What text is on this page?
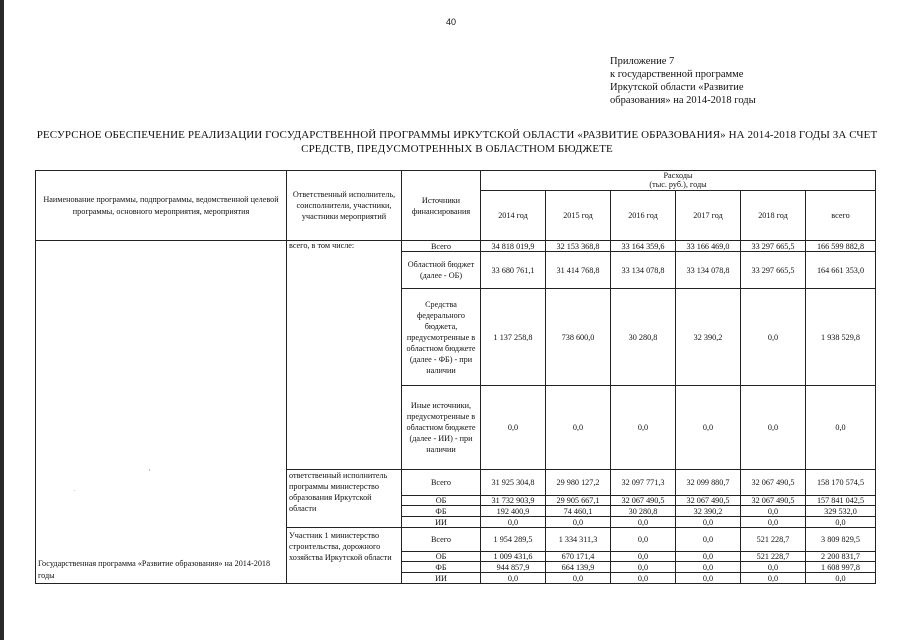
40
Приложение 7
к государственной программе
Иркутской области «Развитие
образования» на 2014-2018 годы
РЕСУРСНОЕ ОБЕСПЕЧЕНИЕ РЕАЛИЗАЦИИ ГОСУДАРСТВЕННОЙ ПРОГРАММЫ ИРКУТСКОЙ ОБЛАСТИ «РАЗВИТИЕ ОБРАЗОВАНИЯ» НА 2014-2018 ГОДЫ ЗА СЧЕТ
СРЕДСТВ, ПРЕДУСМОТРЕННЫХ В ОБЛАСТНОМ БЮДЖЕТЕ
·
.
Наименование программы, подпрограммы, ведомственной целевой программы, основного мероприятия, мероприятия	Ответственный исполнитель, соисполнители, участники, участники мероприятий	Источники финансирования	Расходы					
			(тыс. руб.), годы					
			2014 год	2015 год	2016 год	2017 год	2018 год	всего
Государственная программа «Развитие образования» на 2014-2018 годы	всего, в том числе:	Всего	34 818 019,9	32 153 368,8	33 164 359,6	33 166 469,0	33 297 665,5	166 599 882,8
		Областной бюджет (далее - ОБ)	33 680 761,1	31 414 768,8	33 134 078,8	33 134 078,8	33 297 665,5	164 661 353,0
		Средства федерального бюджета, предусмотренные в областном бюджете (далее - ФБ) - при наличии	1 137 258,8	738 600,0	30 280,8	32 390,2	0,0	1 938 529,8
		Иные источники, предусмотренные в областном бюджете (далее - ИИ) - при наличии	0,0	0,0	0,0	0,0	0,0	0,0
	ответственный исполнитель программы министерство образования Иркутской области	Всего	31 925 304,8	29 980 127,2	32 097 771,3	32 099 880,7	32 067 490,5	158 170 574,5
		ОБ	31 732 903,9	29 905 667,1	32 067 490,5	32 067 490,5	32 067 490,5	157 841 042,5
		ФБ	192 400,9	74 460,1	30 280,8	32 390,2	0,0	329 532,0
		ИИ	0,0	0,0	0,0	0,0	0,0	0,0
	Участник 1 министерство строительства, дорожного хозяйства Иркутской области	Всего	1 954 289,5	1 334 311,3	0,0	0,0	521 228,7	3 809 829,5
		ОБ	1 009 431,6	670 171,4	0,0	0,0	521 228,7	2 200 831,7
		ФБ	944 857,9	664 139,9	0,0	0,0	0,0	1 608 997,8
		ИИ	0,0	0,0	0,0	0,0	0,0	0,0
